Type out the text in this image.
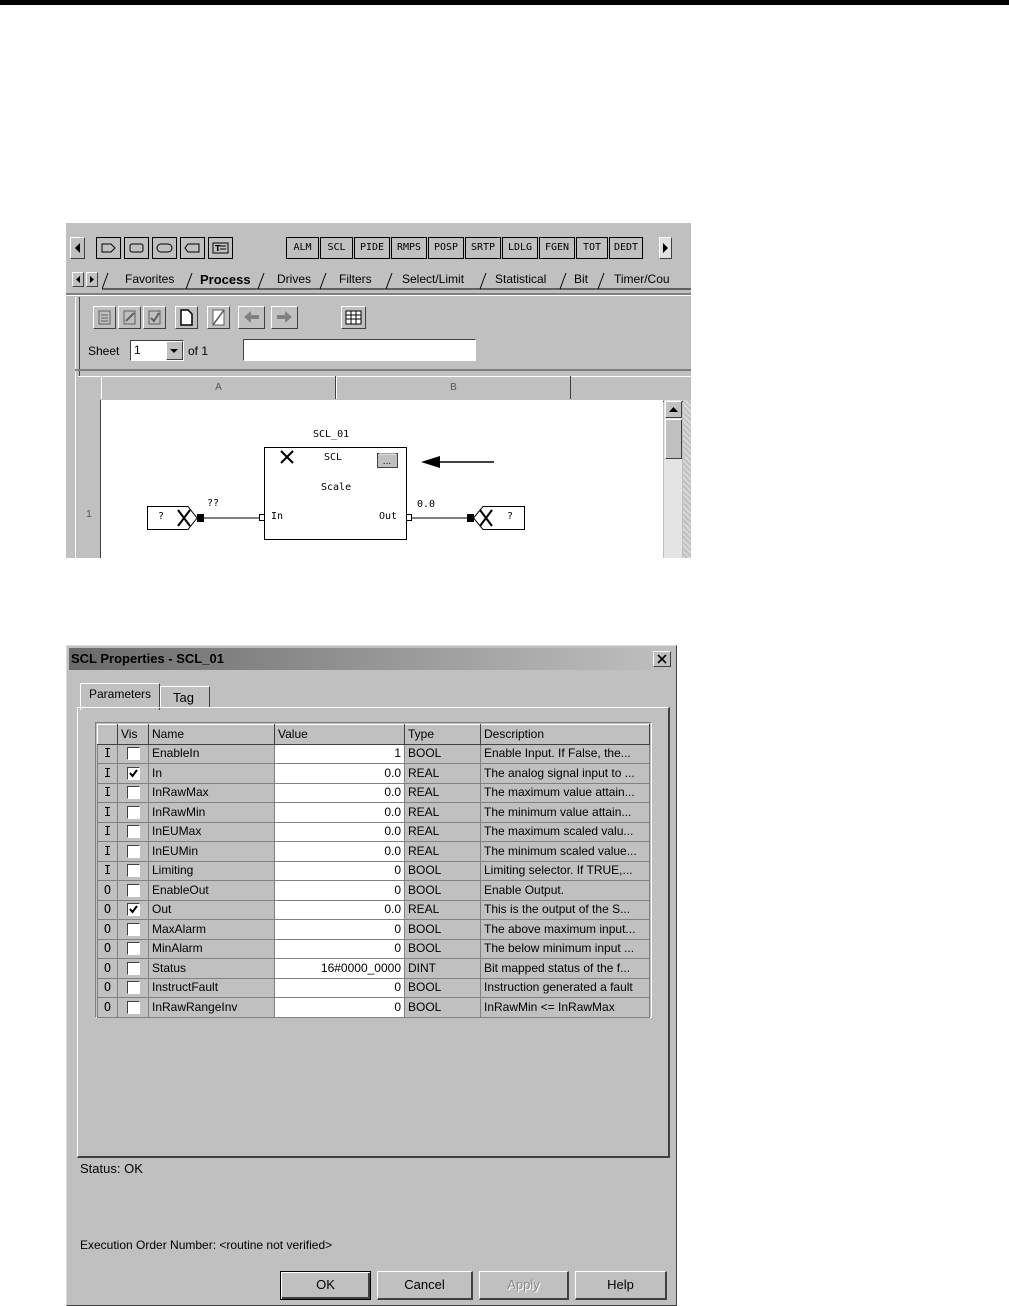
T	ALM	SCL	PIDE	RMPS	POSP	SRTP	LDLG	FGEN	TOT	DEDT
Favorites Process Drives Filters	Select/Limit	Statistical Bit Timer/Cou
Sheet 1	of 1
A	B
1
...
SCL_01
SCL
Scale
In	Out
?
??
?
0.0
SCL Properties - SCL_01
Parameters Tag
	Vis	Name	Value	Type	Description
I		EnableIn	1	BOOL	Enable Input. If False, the...
I		In	0.0	REAL	The analog signal input to ...
I		InRawMax	0.0	REAL	The maximum value attain...
I		InRawMin	0.0	REAL	The minimum value attain...
I		InEUMax	0.0	REAL	The maximum scaled valu...
I		InEUMin	0.0	REAL	The minimum scaled value...
I		Limiting	0	BOOL	Limiting selector. If TRUE,...
O		EnableOut	0	BOOL	Enable Output.
O		Out	0.0	REAL	This is the output of the S...
O		MaxAlarm	0	BOOL	The above maximum input...
O		MinAlarm	0	BOOL	The below minimum input ...
O		Status	16#0000_0000	DINT	Bit mapped status of the f...
O		InstructFault	0	BOOL	Instruction generated a fault
O		InRawRangeInv	0	BOOL	InRawMin <= InRawMax
Status: OK
Execution Order Number: <routine not verified>
OK	Cancel	Apply	Help
